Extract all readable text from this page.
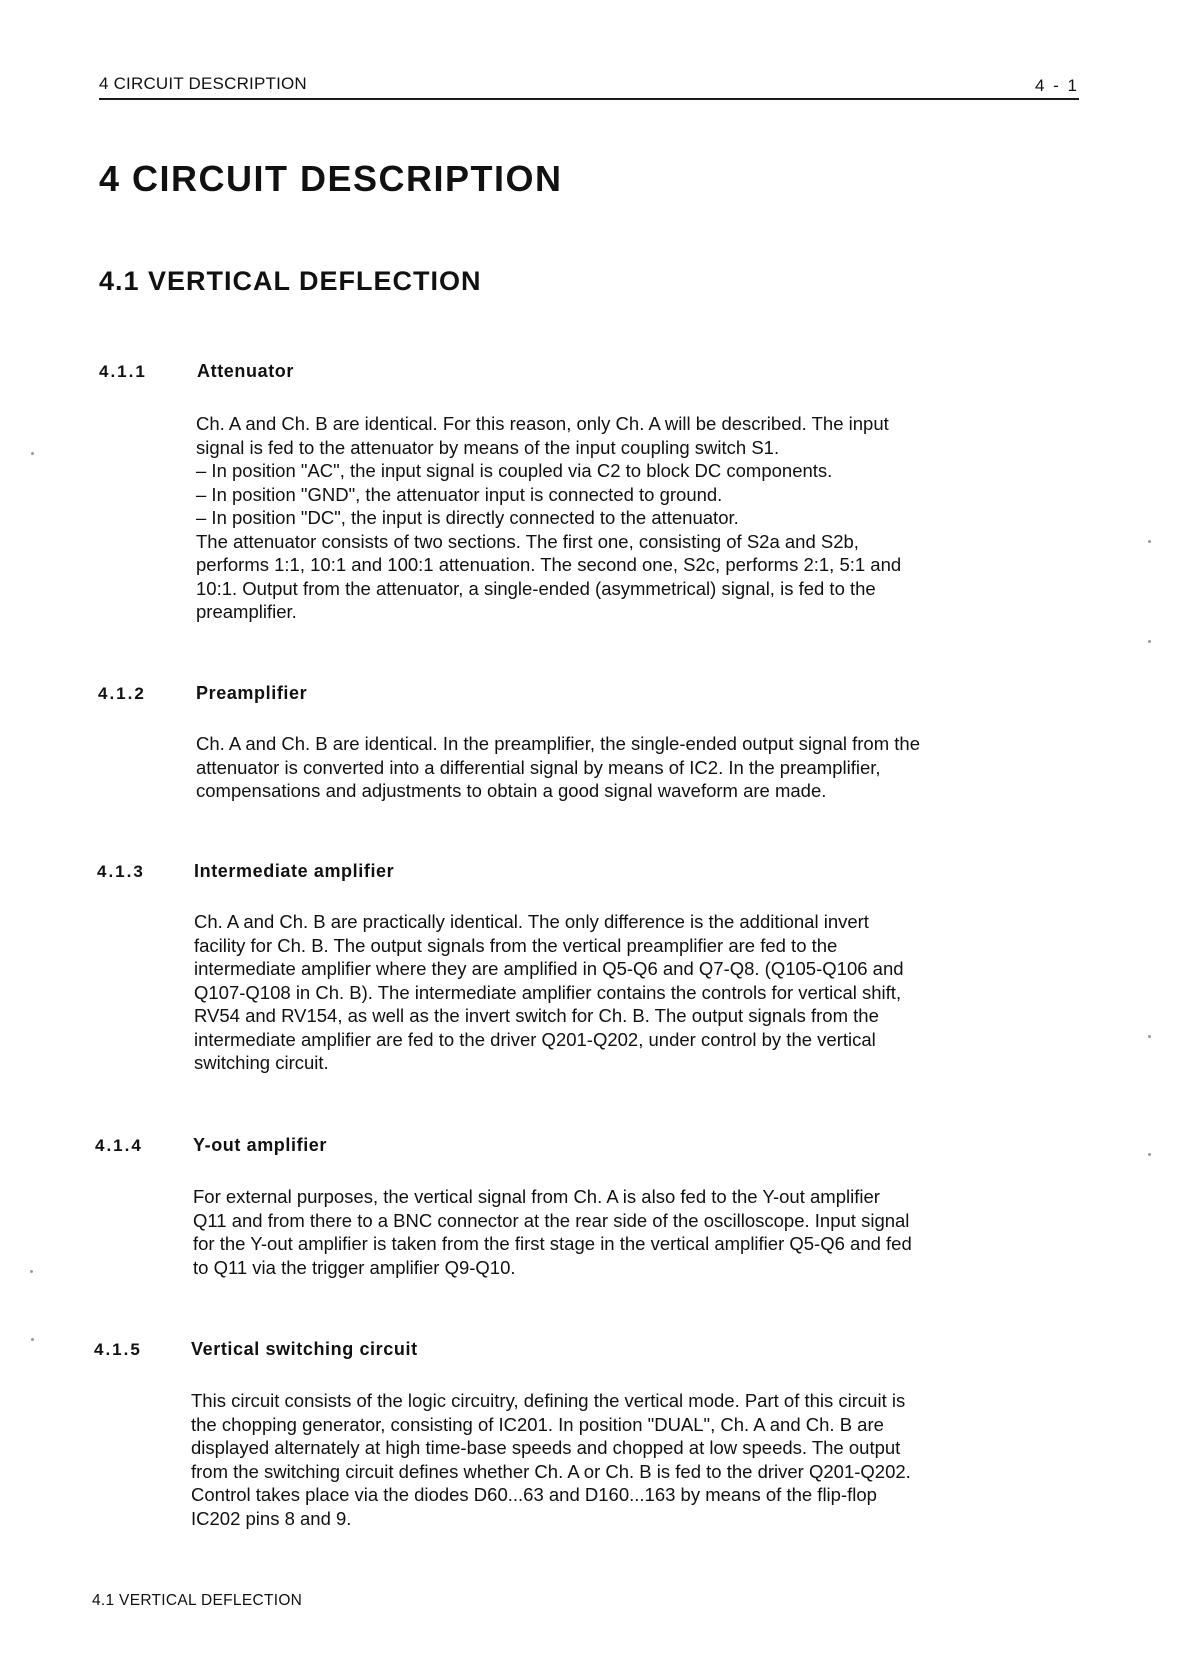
4 CIRCUIT DESCRIPTION	4 - 1
4 CIRCUIT DESCRIPTION
4.1 VERTICAL DEFLECTION
4.1.1	Attenuator
Ch. A and Ch. B are identical. For this reason, only Ch. A will be described. The input
signal is fed to the attenuator by means of the input coupling switch S1.
– In position "AC", the input signal is coupled via C2 to block DC components.
– In position "GND", the attenuator input is connected to ground.
– In position "DC", the input is directly connected to the attenuator.
The attenuator consists of two sections. The first one, consisting of S2a and S2b,
performs 1:1, 10:1 and 100:1 attenuation. The second one, S2c, performs 2:1, 5:1 and
10:1. Output from the attenuator, a single-ended (asymmetrical) signal, is fed to the
preamplifier.
4.1.2	Preamplifier
Ch. A and Ch. B are identical. In the preamplifier, the single-ended output signal from the
attenuator is converted into a differential signal by means of IC2. In the preamplifier,
compensations and adjustments to obtain a good signal waveform are made.
4.1.3	Intermediate amplifier
Ch. A and Ch. B are practically identical. The only difference is the additional invert
facility for Ch. B. The output signals from the vertical preamplifier are fed to the
intermediate amplifier where they are amplified in Q5-Q6 and Q7-Q8. (Q105-Q106 and
Q107-Q108 in Ch. B). The intermediate amplifier contains the controls for vertical shift,
RV54 and RV154, as well as the invert switch for Ch. B. The output signals from the
intermediate amplifier are fed to the driver Q201-Q202, under control by the vertical
switching circuit.
4.1.4	Y-out amplifier
For external purposes, the vertical signal from Ch. A is also fed to the Y-out amplifier
Q11 and from there to a BNC connector at the rear side of the oscilloscope. Input signal
for the Y-out amplifier is taken from the first stage in the vertical amplifier Q5-Q6 and fed
to Q11 via the trigger amplifier Q9-Q10.
4.1.5	Vertical switching circuit
This circuit consists of the logic circuitry, defining the vertical mode. Part of this circuit is
the chopping generator, consisting of IC201. In position "DUAL", Ch. A and Ch. B are
displayed alternately at high time-base speeds and chopped at low speeds. The output
from the switching circuit defines whether Ch. A or Ch. B is fed to the driver Q201-Q202.
Control takes place via the diodes D60...63 and D160...163 by means of the flip-flop
IC202 pins 8 and 9.
4.1 VERTICAL DEFLECTION
